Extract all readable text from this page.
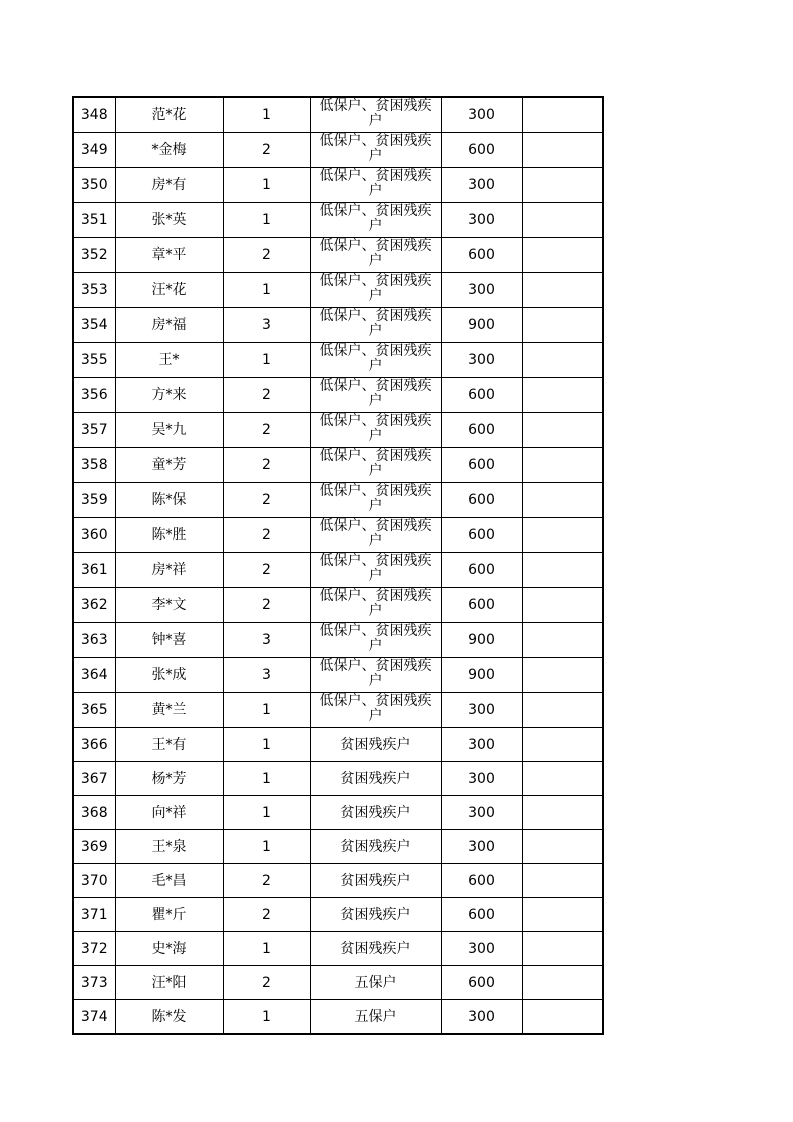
348	范*花	1	低保户、贫困残疾户	300	
349	*金梅	2	低保户、贫困残疾户	600	
350	房*有	1	低保户、贫困残疾户	300	
351	张*英	1	低保户、贫困残疾户	300	
352	章*平	2	低保户、贫困残疾户	600	
353	汪*花	1	低保户、贫困残疾户	300	
354	房*福	3	低保户、贫困残疾户	900	
355	王*	1	低保户、贫困残疾户	300	
356	方*来	2	低保户、贫困残疾户	600	
357	吴*九	2	低保户、贫困残疾户	600	
358	童*芳	2	低保户、贫困残疾户	600	
359	陈*保	2	低保户、贫困残疾户	600	
360	陈*胜	2	低保户、贫困残疾户	600	
361	房*祥	2	低保户、贫困残疾户	600	
362	李*文	2	低保户、贫困残疾户	600	
363	钟*喜	3	低保户、贫困残疾户	900	
364	张*成	3	低保户、贫困残疾户	900	
365	黄*兰	1	低保户、贫困残疾户	300	
366	王*有	1	贫困残疾户	300	
367	杨*芳	1	贫困残疾户	300	
368	向*祥	1	贫困残疾户	300	
369	王*泉	1	贫困残疾户	300	
370	毛*昌	2	贫困残疾户	600	
371	瞿*斤	2	贫困残疾户	600	
372	史*海	1	贫困残疾户	300	
373	汪*阳	2	五保户	600	
374	陈*发	1	五保户	300	
